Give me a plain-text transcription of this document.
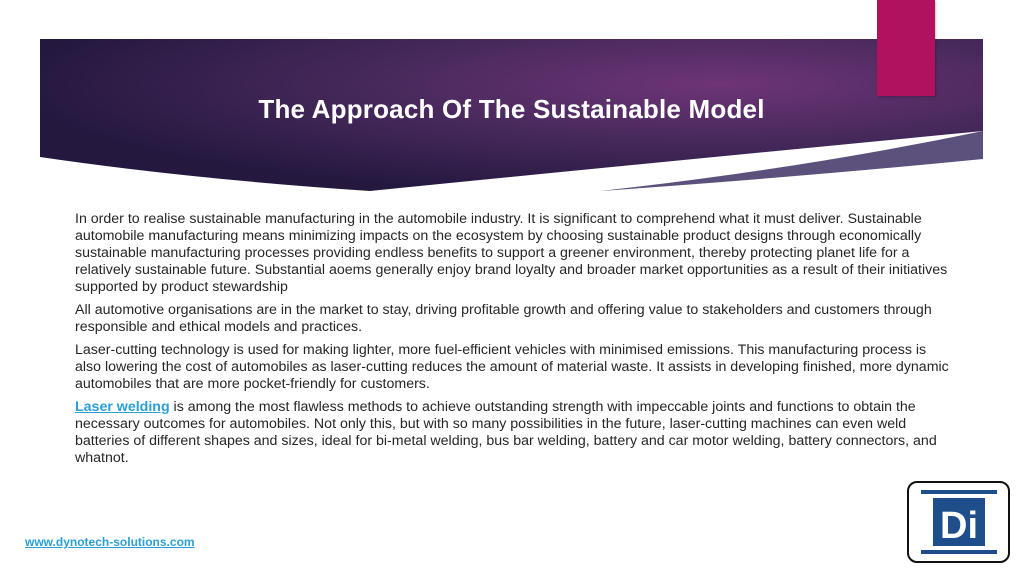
The Approach Of The Sustainable Model

In order to realise sustainable manufacturing in the automobile industry. It is significant to comprehend what it must deliver. Sustainable automobile manufacturing means minimizing impacts on the ecosystem by choosing sustainable product designs through economically sustainable manufacturing processes providing endless benefits to support a greener environment, thereby protecting planet life for a relatively sustainable future. Substantial aoems generally enjoy brand loyalty and broader market opportunities as a result of their initiatives supported by product stewardship

All automotive organisations are in the market to stay, driving profitable growth and offering value to stakeholders and customers through responsible and ethical models and practices.

Laser-cutting technology is used for making lighter, more fuel-efficient vehicles with minimised emissions. This manufacturing process is also lowering the cost of automobiles as laser-cutting reduces the amount of material waste. It assists in developing finished, more dynamic automobiles that are more pocket-friendly for customers.

Laser welding is among the most flawless methods to achieve outstanding strength with impeccable joints and functions to obtain the necessary outcomes for automobiles. Not only this, but with so many possibilities in the future, laser-cutting machines can even weld batteries of different shapes and sizes, ideal for bi-metal welding, bus bar welding, battery and car motor welding, battery connectors, and whatnot.

www.dynotech-solutions.com	Di
